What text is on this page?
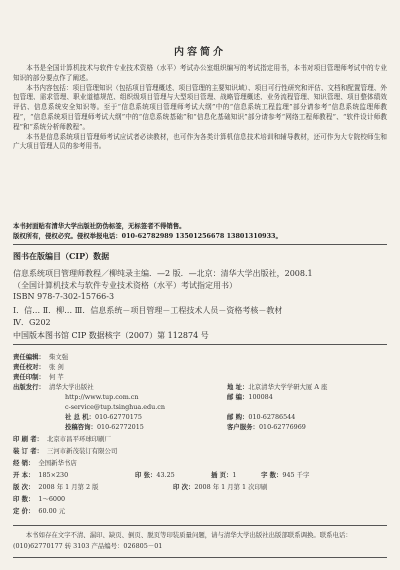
内容简介

本书是全国计算机技术与软件专业技术资格（水平）考试办公室组织编写的考试指定用书，本书对项目管理师考试中的专业知识的部分要点作了阐述。

本书内容包括：项目管理知识（包括项目管理概述、项目管理的主要知识域）、项目可行性研究和评估、文档和配置管理、外包管理、需求管理、职业道德规范、组织级项目管理与大型项目管理、战略管理概述、业务流程管理、知识管理、项目整体绩效评估、信息系统安全知识等。至于“信息系统项目管理师考试大纲”中的“信息系统工程监理”部分请参考“信息系统监理师教程”，“信息系统项目管理师考试大纲”中的“信息系统基础”和“信息化基础知识”部分请参考“网络工程师教程”、“软件设计师教程”和“系统分析师教程”。

本书是信息系统项目管理师考试应试者必读教材，也可作为各类计算机信息技术培训和辅导教材，还可作为大专院校师生和广大项目管理人员的参考用书。

本书封面贴有清华大学出版社防伪标签，无标签者不得销售。
版权所有，侵权必究。侵权举报电话：010-62782989 13501256678 13801310933。
图书在版编目（CIP）数据
信息系统项目管理师教程／柳纯录主编．—2 版．—北京：清华大学出版社，2008.1
（全国计算机技术与软件专业技术资格（水平）考试指定用书）
ISBN 978-7-302-15766-3
Ⅰ．信… Ⅱ．柳… Ⅲ．信息系统－项目管理－工程技术人员－资格考核－教材
Ⅳ．G202
中国版本图书馆 CIP 数据核字（2007）第 112874 号
责任编辑： 柴文强
责任校对： 张 剑
责任印制： 何 芊
出版发行： 清华大学出版社	地 址：北京清华大学学研大厦 A 座
http://www.tup.com.cn	邮 编：100084
c-service@tup.tsinghua.edu.cn
社 总 机：010-62770175	邮 购：010-62786544
投稿咨询：010-62772015	客户服务：010-62776969
印 刷 者： 北京市昌平环球印刷厂
装 订 者： 三河市新茂装订有限公司
经 销： 全国新华书店
开 本： 185×230	印 张：43.25	插 页：1	字 数：945 千字
版 次： 2008 年 1 月第 2 版	印 次：2008 年 1 月第 1 次印刷
印 数： 1～6000
定 价： 60.00 元

本书如存在文字不清、漏印、缺页、倒页、脱页等印装质量问题，请与清华大学出版社出版部联系调换。联系电话：(010)62770177 转 3103 产品编号：026805－01
